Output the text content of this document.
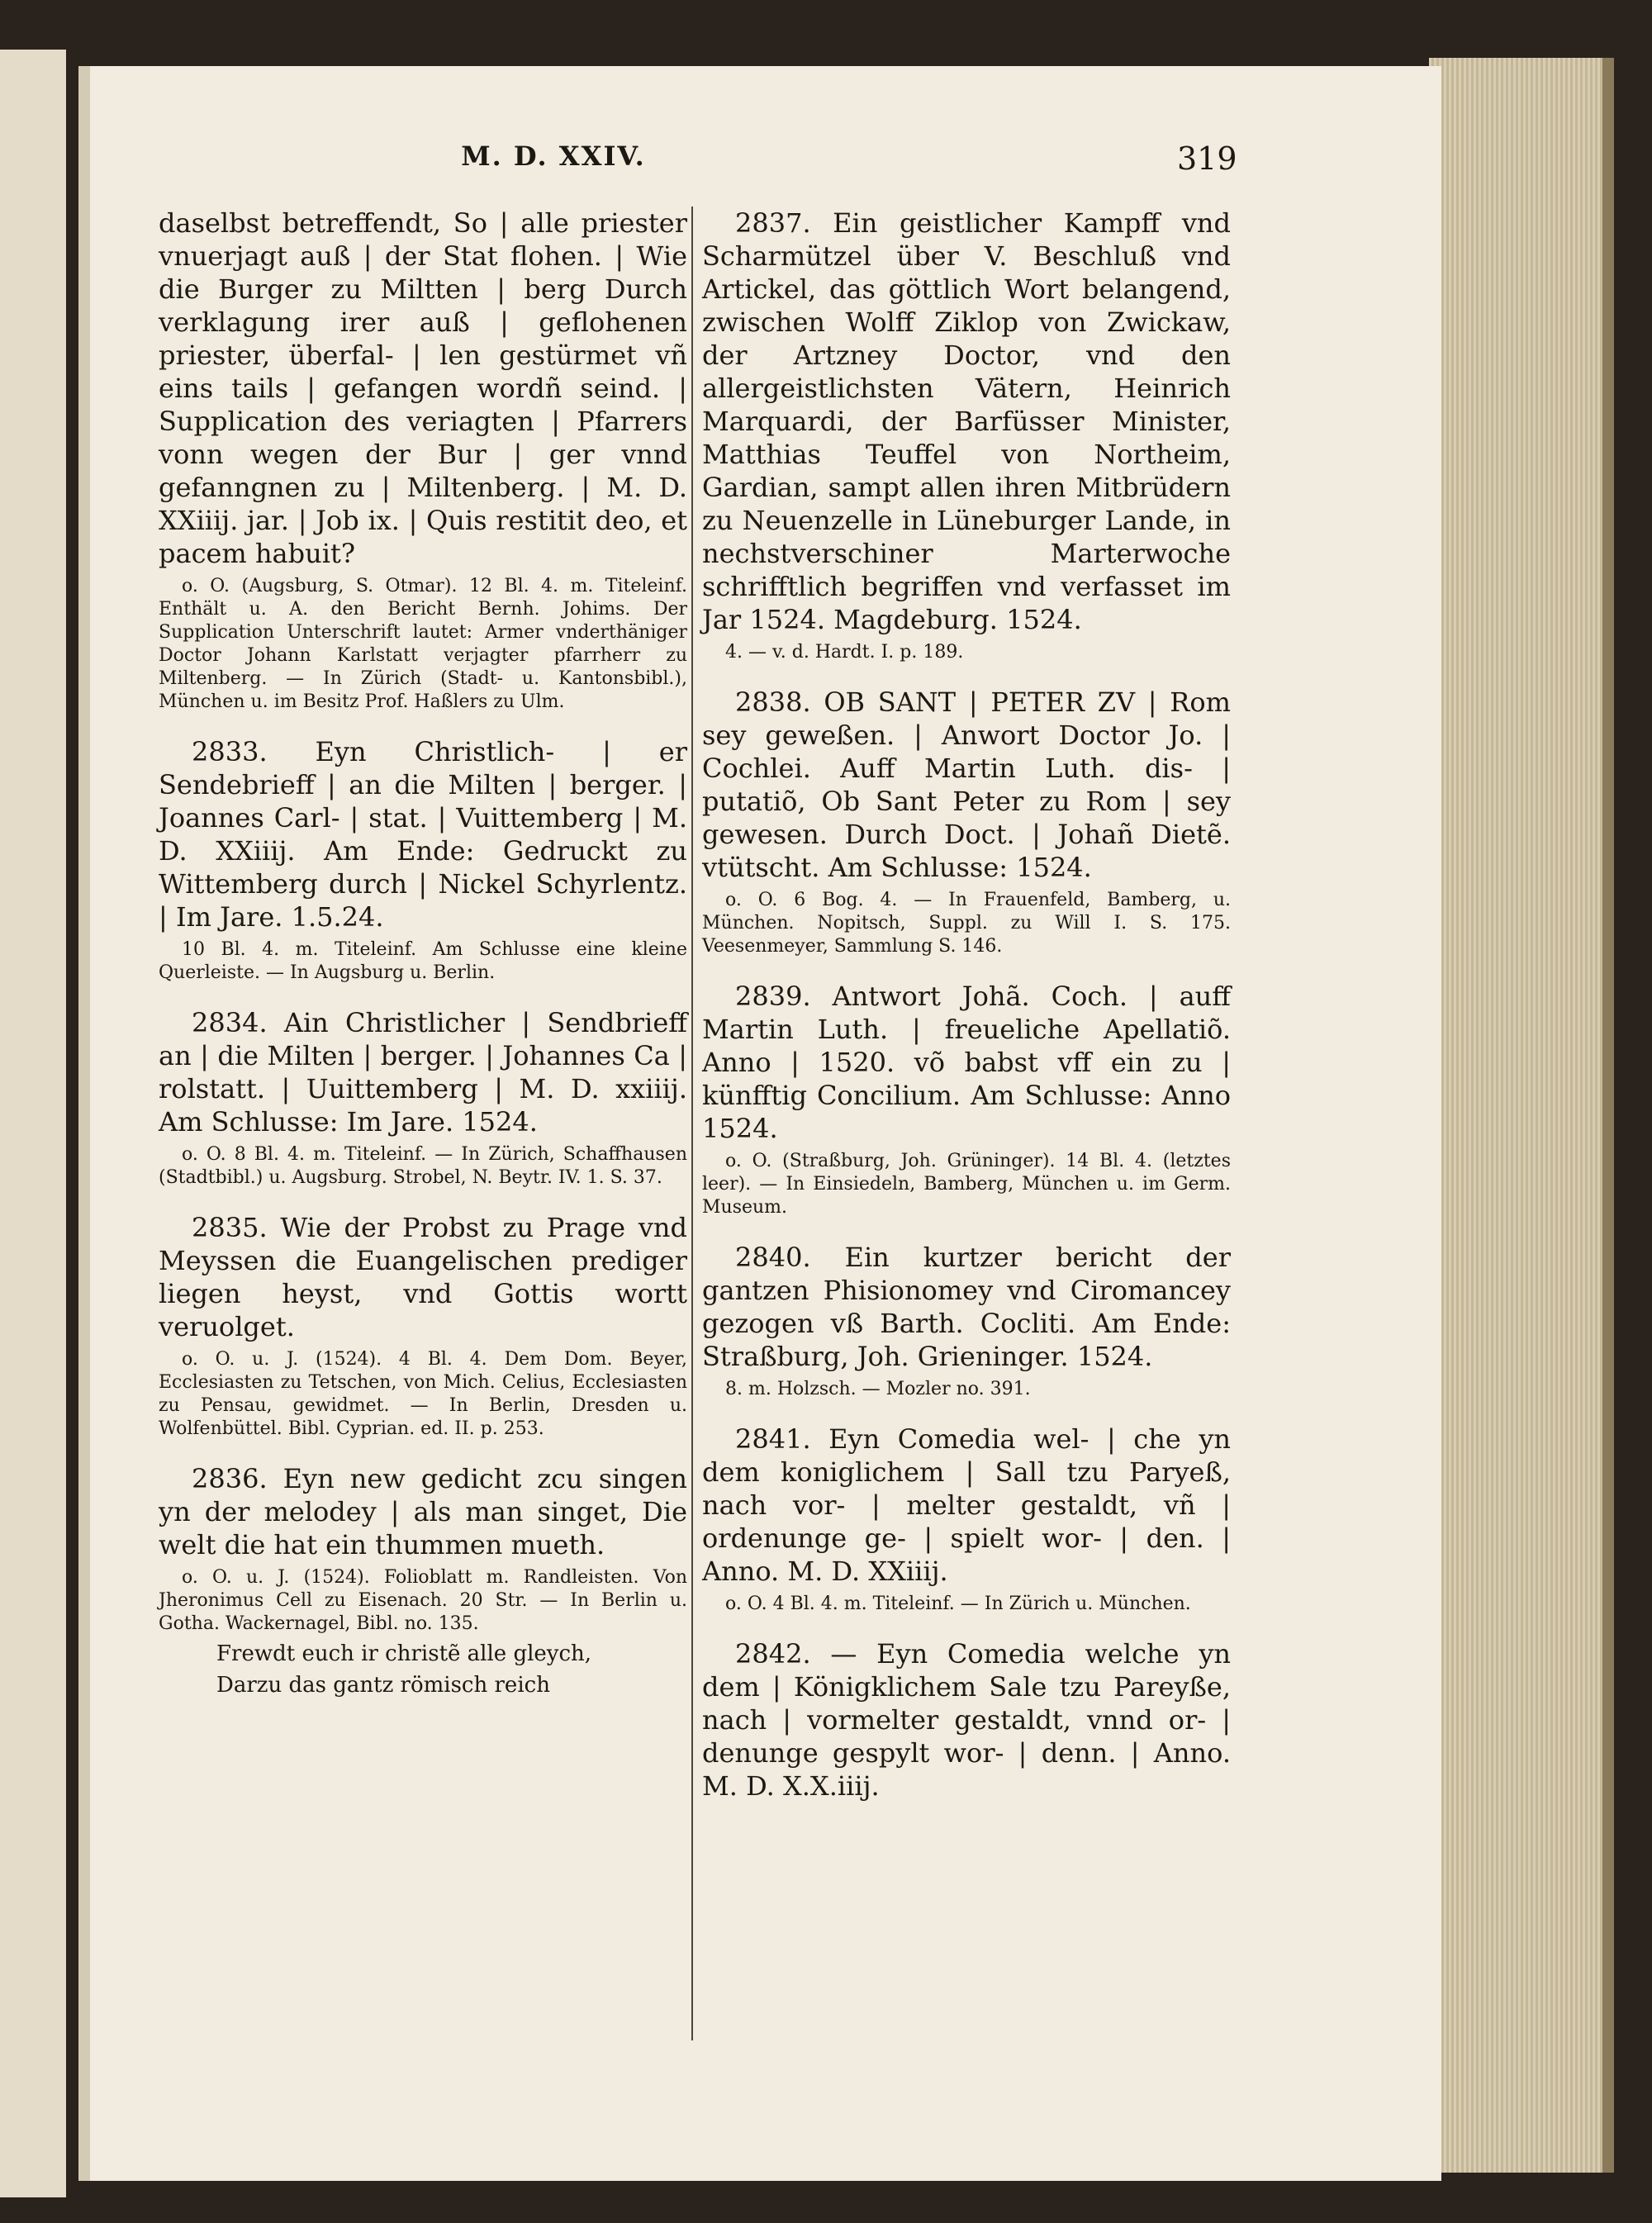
M. D. XXIV.	319

daselbst betreffendt, So | alle priester vnuerjagt auß | der Stat flohen. | Wie die Burger zu Miltten | berg Durch verklagung irer auß | geflohenen priester, überfal- | len gestürmet vñ eins tails | gefangen wordñ seind. | Supplication des veriagten | Pfarrers vonn wegen der Bur | ger vnnd gefanngnen zu | Miltenberg. | M. D. XXiiij. jar. | Job ix. | Quis restitit deo, et pacem habuit?

o. O. (Augsburg, S. Otmar). 12 Bl. 4. m. Titeleinf. Enthält u. A. den Bericht Bernh. Johims. Der Supplication Unterschrift lautet: Armer vnderthäniger Doctor Johann Karlstatt verjagter pfarrherr zu Miltenberg. — In Zürich (Stadt- u. Kantonsbibl.), München u. im Besitz Prof. Haßlers zu Ulm.

2833. Eyn Christlich- | er Sendebrieff | an die Milten | berger. | Joannes Carl- | stat. | Vuittemberg | M. D. XXiiij. Am Ende: Gedruckt zu Wittemberg durch | Nickel Schyrlentz. | Im Jare. 1.5.24.

10 Bl. 4. m. Titeleinf. Am Schlusse eine kleine Querleiste. — In Augsburg u. Berlin.

2834. Ain Christlicher | Sendbrieff an | die Milten | berger. | Johannes Ca | rolstatt. | Uuittemberg | M. D. xxiiij. Am Schlusse: Im Jare. 1524.

o. O. 8 Bl. 4. m. Titeleinf. — In Zürich, Schaffhausen (Stadtbibl.) u. Augsburg. Strobel, N. Beytr. IV. 1. S. 37.

2835. Wie der Probst zu Prage vnd Meyssen die Euangelischen prediger liegen heyst, vnd Gottis wortt veruolget.

o. O. u. J. (1524). 4 Bl. 4. Dem Dom. Beyer, Ecclesiasten zu Tetschen, von Mich. Celius, Ecclesiasten zu Pensau, gewidmet. — In Berlin, Dresden u. Wolfenbüttel. Bibl. Cyprian. ed. II. p. 253.

2836. Eyn new gedicht zcu singen yn der melodey | als man singet, Die welt die hat ein thummen mueth.

o. O. u. J. (1524). Folioblatt m. Randleisten. Von Jheronimus Cell zu Eisenach. 20 Str. — In Berlin u. Gotha. Wackernagel, Bibl. no. 135.

Frewdt euch ir christẽ alle gleych,

Darzu das gantz römisch reich

2837. Ein geistlicher Kampff vnd Scharmützel über V. Beschluß vnd Artickel, das göttlich Wort belangend, zwischen Wolff Ziklop von Zwickaw, der Artzney Doctor, vnd den allergeistlichsten Vätern, Heinrich Marquardi, der Barfüsser Minister, Matthias Teuffel von Northeim, Gardian, sampt allen ihren Mitbrüdern zu Neuenzelle in Lüneburger Lande, in nechstverschiner Marterwoche schrifftlich begriffen vnd verfasset im Jar 1524. Magdeburg. 1524.

4. — v. d. Hardt. I. p. 189.

2838. OB SANT | PETER ZV | Rom sey geweßen. | Anwort Doctor Jo. | Cochlei. Auff Martin Luth. dis- | putatiõ, Ob Sant Peter zu Rom | sey gewesen. Durch Doct. | Johañ Dietẽ. vtütscht. Am Schlusse: 1524.

o. O. 6 Bog. 4. — In Frauenfeld, Bamberg, u. München. Nopitsch, Suppl. zu Will I. S. 175. Veesenmeyer, Sammlung S. 146.

2839. Antwort Johã. Coch. | auff Martin Luth. | freueliche Apellatiõ. Anno | 1520. võ babst vff ein zu | künfftig Concilium. Am Schlusse: Anno 1524.

o. O. (Straßburg, Joh. Grüninger). 14 Bl. 4. (letztes leer). — In Einsiedeln, Bamberg, München u. im Germ. Museum.

2840. Ein kurtzer bericht der gantzen Phisionomey vnd Ciromancey gezogen vß Barth. Cocliti. Am Ende: Straßburg, Joh. Grieninger. 1524.

8. m. Holzsch. — Mozler no. 391.

2841. Eyn Comedia wel- | che yn dem koniglichem | Sall tzu Paryeß, nach vor- | melter gestaldt, vñ | ordenunge ge- | spielt wor- | den. | Anno. M. D. XXiiij.

o. O. 4 Bl. 4. m. Titeleinf. — In Zürich u. München.

2842. — Eyn Comedia welche yn dem | Königklichem Sale tzu Pareyße, nach | vormelter gestaldt, vnnd or- | denunge gespylt wor- | denn. | Anno. M. D. X.X.iiij.
